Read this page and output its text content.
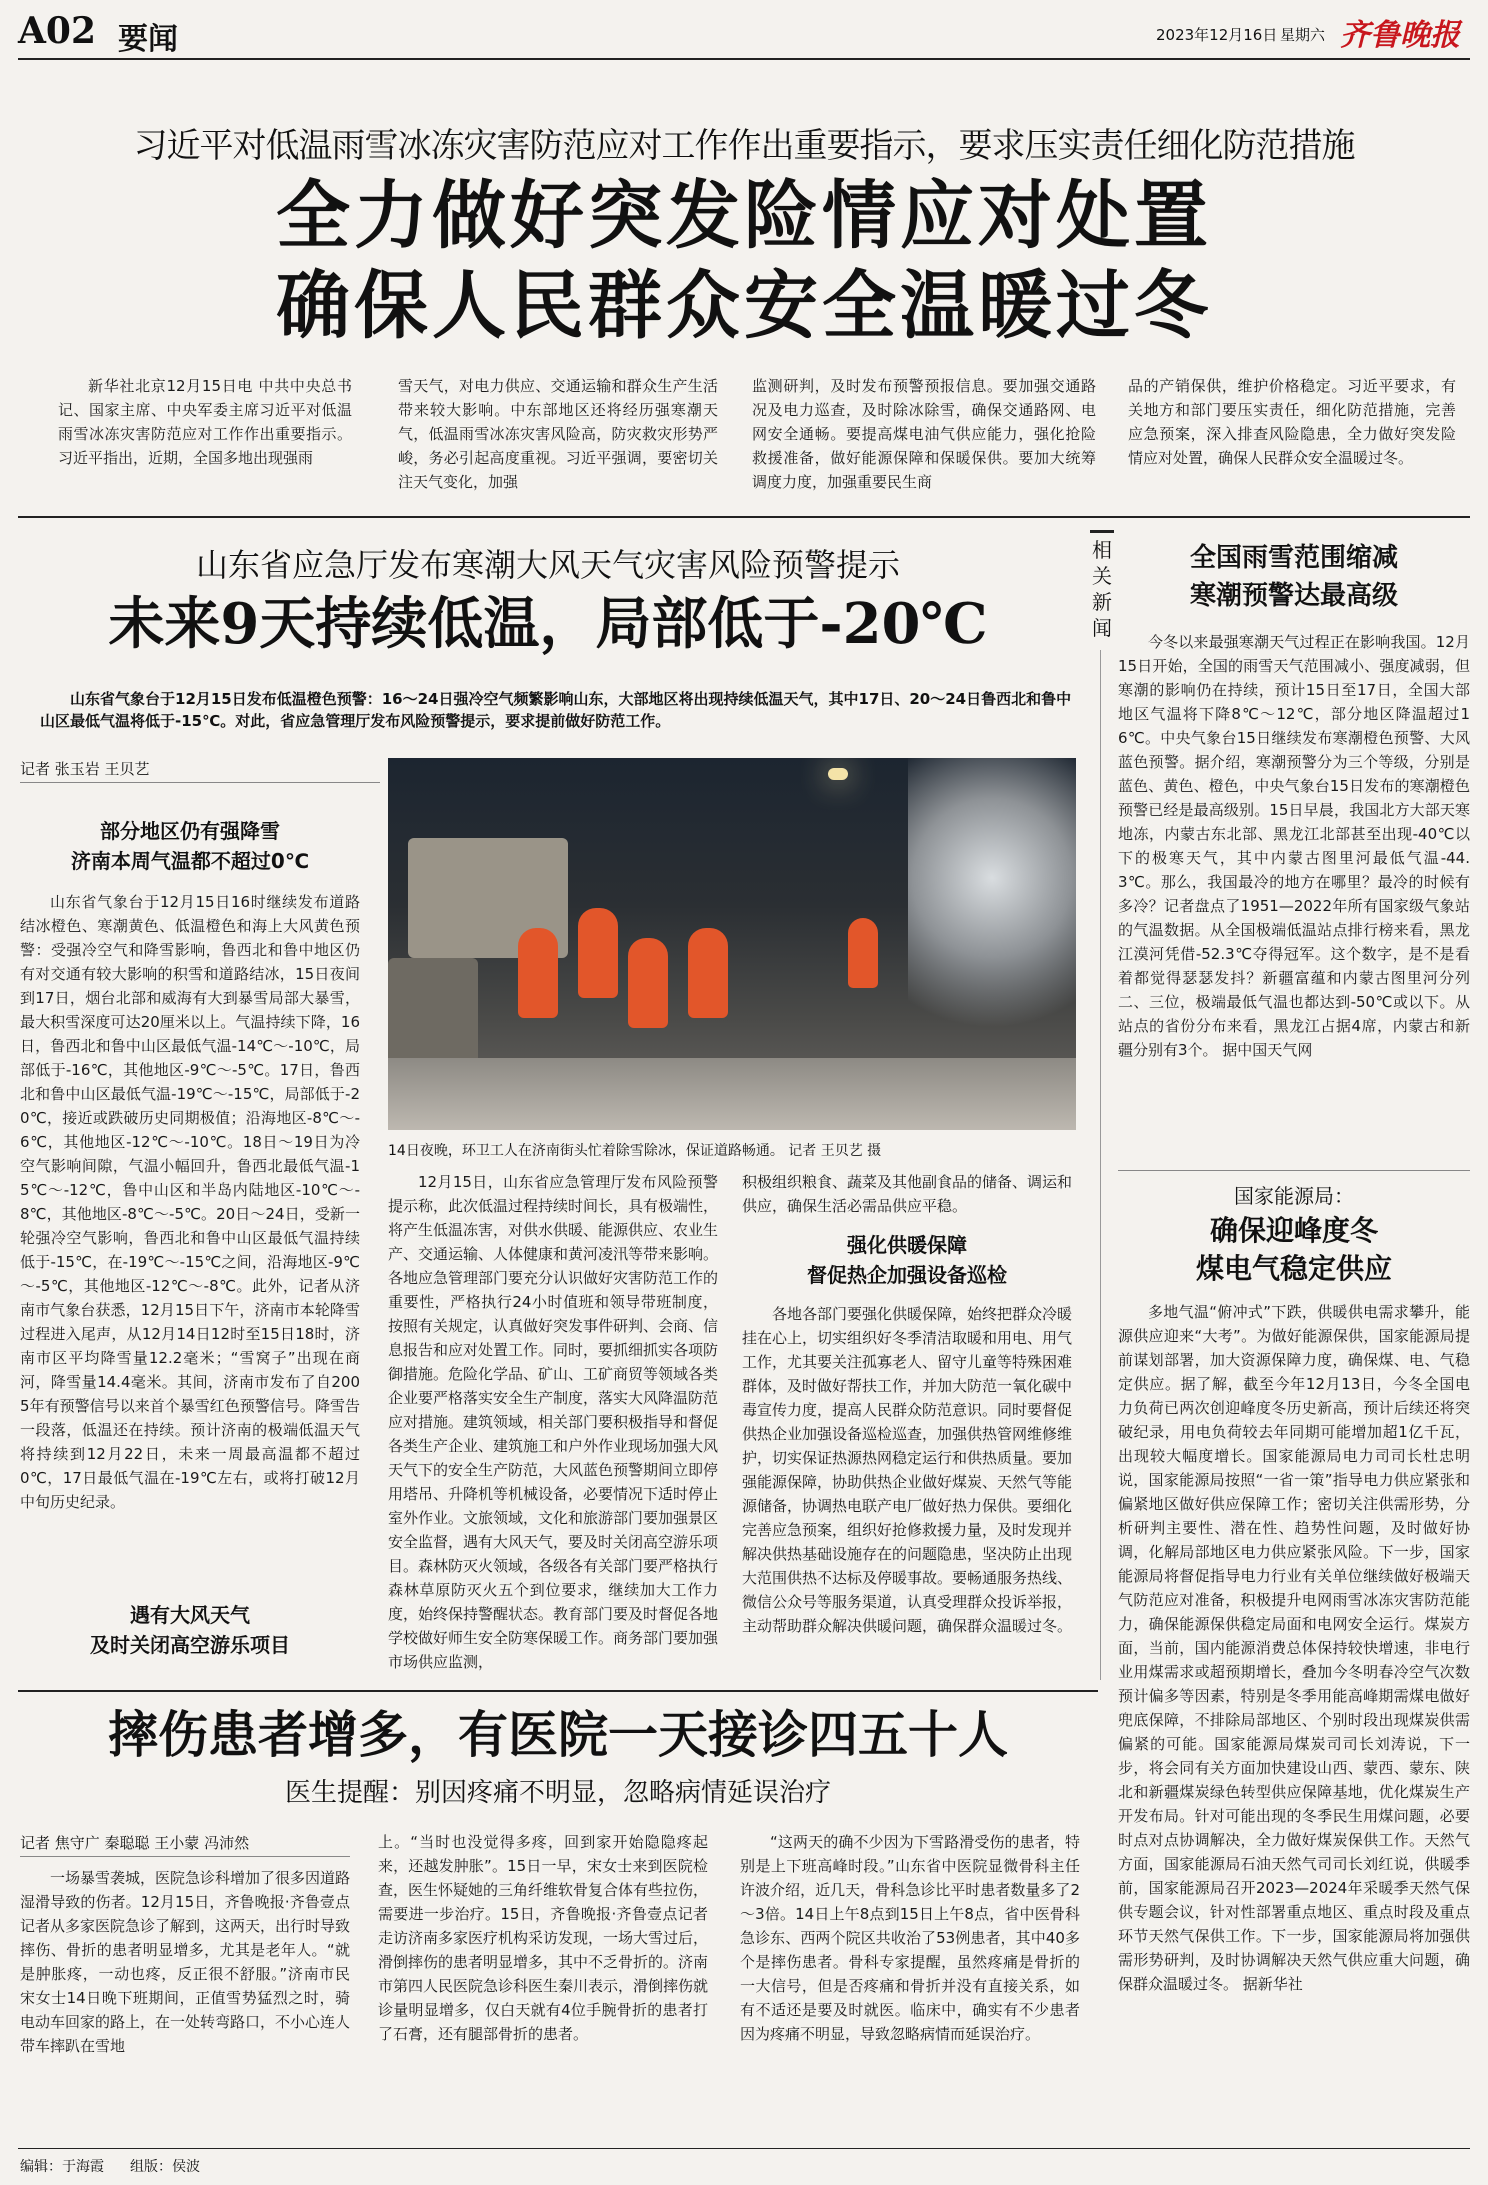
A02 要闻	2023年12月16日 星期六 齐鲁晚报
习近平对低温雨雪冰冻灾害防范应对工作作出重要指示，要求压实责任细化防范措施
全力做好突发险情应对处置
确保人民群众安全温暖过冬
新华社北京12月15日电 中共中央总书记、国家主席、中央军委主席习近平对低温雨雪冰冻灾害防范应对工作作出重要指示。习近平指出，近期，全国多地出现强雨
雪天气，对电力供应、交通运输和群众生产生活带来较大影响。中东部地区还将经历强寒潮天气，低温雨雪冰冻灾害风险高，防灾救灾形势严峻，务必引起高度重视。习近平强调，要密切关注天气变化，加强
监测研判，及时发布预警预报信息。要加强交通路况及电力巡查，及时除冰除雪，确保交通路网、电网安全通畅。要提高煤电油气供应能力，强化抢险救援准备，做好能源保障和保暖保供。要加大统筹调度力度，加强重要民生商
品的产销保供，维护价格稳定。习近平要求，有关地方和部门要压实责任，细化防范措施，完善应急预案，深入排查风险隐患，全力做好突发险情应对处置，确保人民群众安全温暖过冬。
相关新闻
山东省应急厅发布寒潮大风天气灾害风险预警提示
未来9天持续低温，局部低于-20℃
山东省气象台于12月15日发布低温橙色预警：16～24日强冷空气频繁影响山东，大部地区将出现持续低温天气，其中17日、20～24日鲁西北和鲁中山区最低气温将低于-15℃。对此，省应急管理厅发布风险预警提示，要求提前做好防范工作。
记者 张玉岩 王贝艺
部分地区仍有强降雪
济南本周气温都不超过0℃
山东省气象台于12月15日16时继续发布道路结冰橙色、寒潮黄色、低温橙色和海上大风黄色预警：受强冷空气和降雪影响，鲁西北和鲁中地区仍有对交通有较大影响的积雪和道路结冰，15日夜间到17日，烟台北部和威海有大到暴雪局部大暴雪，最大积雪深度可达20厘米以上。气温持续下降，16日，鲁西北和鲁中山区最低气温-14℃～-10℃，局部低于-16℃，其他地区-9℃～-5℃。17日，鲁西北和鲁中山区最低气温-19℃～-15℃，局部低于-20℃，接近或跌破历史同期极值；沿海地区-8℃～-6℃，其他地区-12℃～-10℃。18日～19日为冷空气影响间隙，气温小幅回升，鲁西北最低气温-15℃～-12℃，鲁中山区和半岛内陆地区-10℃～-8℃，其他地区-8℃～-5℃。20日～24日，受新一轮强冷空气影响，鲁西北和鲁中山区最低气温持续低于-15℃，在-19℃～-15℃之间，沿海地区-9℃～-5℃，其他地区-12℃～-8℃。此外，记者从济南市气象台获悉，12月15日下午，济南市本轮降雪过程进入尾声，从12月14日12时至15日18时，济南市区平均降雪量12.2毫米；“雪窝子”出现在商河，降雪量14.4毫米。其间，济南市发布了自2005年有预警信号以来首个暴雪红色预警信号。降雪告一段落，低温还在持续。预计济南的极端低温天气将持续到12月22日，未来一周最高温都不超过0℃，17日最低气温在-19℃左右，或将打破12月中旬历史纪录。
遇有大风天气
及时关闭高空游乐项目
14日夜晚，环卫工人在济南街头忙着除雪除冰，保证道路畅通。 记者 王贝艺 摄
12月15日，山东省应急管理厅发布风险预警提示称，此次低温过程持续时间长，具有极端性，将产生低温冻害，对供水供暖、能源供应、农业生产、交通运输、人体健康和黄河凌汛等带来影响。各地应急管理部门要充分认识做好灾害防范工作的重要性，严格执行24小时值班和领导带班制度，按照有关规定，认真做好突发事件研判、会商、信息报告和应对处置工作。同时，要抓细抓实各项防御措施。危险化学品、矿山、工矿商贸等领域各类企业要严格落实安全生产制度，落实大风降温防范应对措施。建筑领域，相关部门要积极指导和督促各类生产企业、建筑施工和户外作业现场加强大风天气下的安全生产防范，大风蓝色预警期间立即停用塔吊、升降机等机械设备，必要情况下适时停止室外作业。文旅领域，文化和旅游部门要加强景区安全监督，遇有大风天气，要及时关闭高空游乐项目。森林防灭火领域，各级各有关部门要严格执行森林草原防灭火五个到位要求，继续加大工作力度，始终保持警醒状态。教育部门要及时督促各地学校做好师生安全防寒保暖工作。商务部门要加强市场供应监测，
积极组织粮食、蔬菜及其他副食品的储备、调运和供应，确保生活必需品供应平稳。
强化供暖保障
督促热企加强设备巡检
各地各部门要强化供暖保障，始终把群众冷暖挂在心上，切实组织好冬季清洁取暖和用电、用气工作，尤其要关注孤寡老人、留守儿童等特殊困难群体，及时做好帮扶工作，并加大防范一氧化碳中毒宣传力度，提高人民群众防范意识。同时要督促供热企业加强设备巡检巡查，加强供热管网维修维护，切实保证热源热网稳定运行和供热质量。要加强能源保障，协助供热企业做好煤炭、天然气等能源储备，协调热电联产电厂做好热力保供。要细化完善应急预案，组织好抢修救援力量，及时发现并解决供热基础设施存在的问题隐患，坚决防止出现大范围供热不达标及停暖事故。要畅通服务热线、微信公众号等服务渠道，认真受理群众投诉举报，主动帮助群众解决供暖问题，确保群众温暖过冬。
全国雨雪范围缩减
寒潮预警达最高级
今冬以来最强寒潮天气过程正在影响我国。12月15日开始，全国的雨雪天气范围减小、强度减弱，但寒潮的影响仍在持续，预计15日至17日，全国大部地区气温将下降8℃～12℃，部分地区降温超过16℃。中央气象台15日继续发布寒潮橙色预警、大风蓝色预警。据介绍，寒潮预警分为三个等级，分别是蓝色、黄色、橙色，中央气象台15日发布的寒潮橙色预警已经是最高级别。15日早晨，我国北方大部天寒地冻，内蒙古东北部、黑龙江北部甚至出现-40℃以下的极寒天气，其中内蒙古图里河最低气温-44.3℃。那么，我国最冷的地方在哪里？最冷的时候有多冷？记者盘点了1951—2022年所有国家级气象站的气温数据。从全国极端低温站点排行榜来看，黑龙江漠河凭借-52.3℃夺得冠军。这个数字，是不是看着都觉得瑟瑟发抖？新疆富蕴和内蒙古图里河分列二、三位，极端最低气温也都达到-50℃或以下。从站点的省份分布来看，黑龙江占据4席，内蒙古和新疆分别有3个。 据中国天气网
国家能源局：
确保迎峰度冬
煤电气稳定供应
多地气温“俯冲式”下跌，供暖供电需求攀升，能源供应迎来“大考”。为做好能源保供，国家能源局提前谋划部署，加大资源保障力度，确保煤、电、气稳定供应。据了解，截至今年12月13日，今冬全国电力负荷已两次创迎峰度冬历史新高，预计后续还将突破纪录，用电负荷较去年同期可能增加超1亿千瓦，出现较大幅度增长。国家能源局电力司司长杜忠明说，国家能源局按照“一省一策”指导电力供应紧张和偏紧地区做好供应保障工作；密切关注供需形势，分析研判主要性、潜在性、趋势性问题，及时做好协调，化解局部地区电力供应紧张风险。下一步，国家能源局将督促指导电力行业有关单位继续做好极端天气防范应对准备，积极提升电网雨雪冰冻灾害防范能力，确保能源保供稳定局面和电网安全运行。煤炭方面，当前，国内能源消费总体保持较快增速，非电行业用煤需求或超预期增长，叠加今冬明春冷空气次数预计偏多等因素，特别是冬季用能高峰期需煤电做好兜底保障，不排除局部地区、个别时段出现煤炭供需偏紧的可能。国家能源局煤炭司司长刘涛说，下一步，将会同有关方面加快建设山西、蒙西、蒙东、陕北和新疆煤炭绿色转型供应保障基地，优化煤炭生产开发布局。针对可能出现的冬季民生用煤问题，必要时点对点协调解决，全力做好煤炭保供工作。天然气方面，国家能源局石油天然气司司长刘红说，供暖季前，国家能源局召开2023—2024年采暖季天然气保供专题会议，针对性部署重点地区、重点时段及重点环节天然气保供工作。下一步，国家能源局将加强供需形势研判，及时协调解决天然气供应重大问题，确保群众温暖过冬。 据新华社
摔伤患者增多，有医院一天接诊四五十人
医生提醒：别因疼痛不明显，忽略病情延误治疗
记者 焦守广 秦聪聪 王小蒙 冯沛然
一场暴雪袭城，医院急诊科增加了很多因道路湿滑导致的伤者。12月15日，齐鲁晚报·齐鲁壹点记者从多家医院急诊了解到，这两天，出行时导致摔伤、骨折的患者明显增多，尤其是老年人。“就是肿胀疼，一动也疼，反正很不舒服。”济南市民宋女士14日晚下班期间，正值雪势猛烈之时，骑电动车回家的路上，在一处转弯路口，不小心连人带车摔趴在雪地
上。“当时也没觉得多疼，回到家开始隐隐疼起来，还越发肿胀”。15日一早，宋女士来到医院检查，医生怀疑她的三角纤维软骨复合体有些拉伤，需要进一步治疗。15日，齐鲁晚报·齐鲁壹点记者走访济南多家医疗机构采访发现，一场大雪过后，滑倒摔伤的患者明显增多，其中不乏骨折的。济南市第四人民医院急诊科医生秦川表示，滑倒摔伤就诊量明显增多，仅白天就有4位手腕骨折的患者打了石膏，还有腿部骨折的患者。
“这两天的确不少因为下雪路滑受伤的患者，特别是上下班高峰时段。”山东省中医院显微骨科主任许波介绍，近几天，骨科急诊比平时患者数量多了2～3倍。14日上午8点到15日上午8点，省中医骨科急诊东、西两个院区共收治了53例患者，其中40多个是摔伤患者。骨科专家提醒，虽然疼痛是骨折的一大信号，但是否疼痛和骨折并没有直接关系，如有不适还是要及时就医。临床中，确实有不少患者因为疼痛不明显，导致忽略病情而延误治疗。
编辑：于海霞 组版：侯波
